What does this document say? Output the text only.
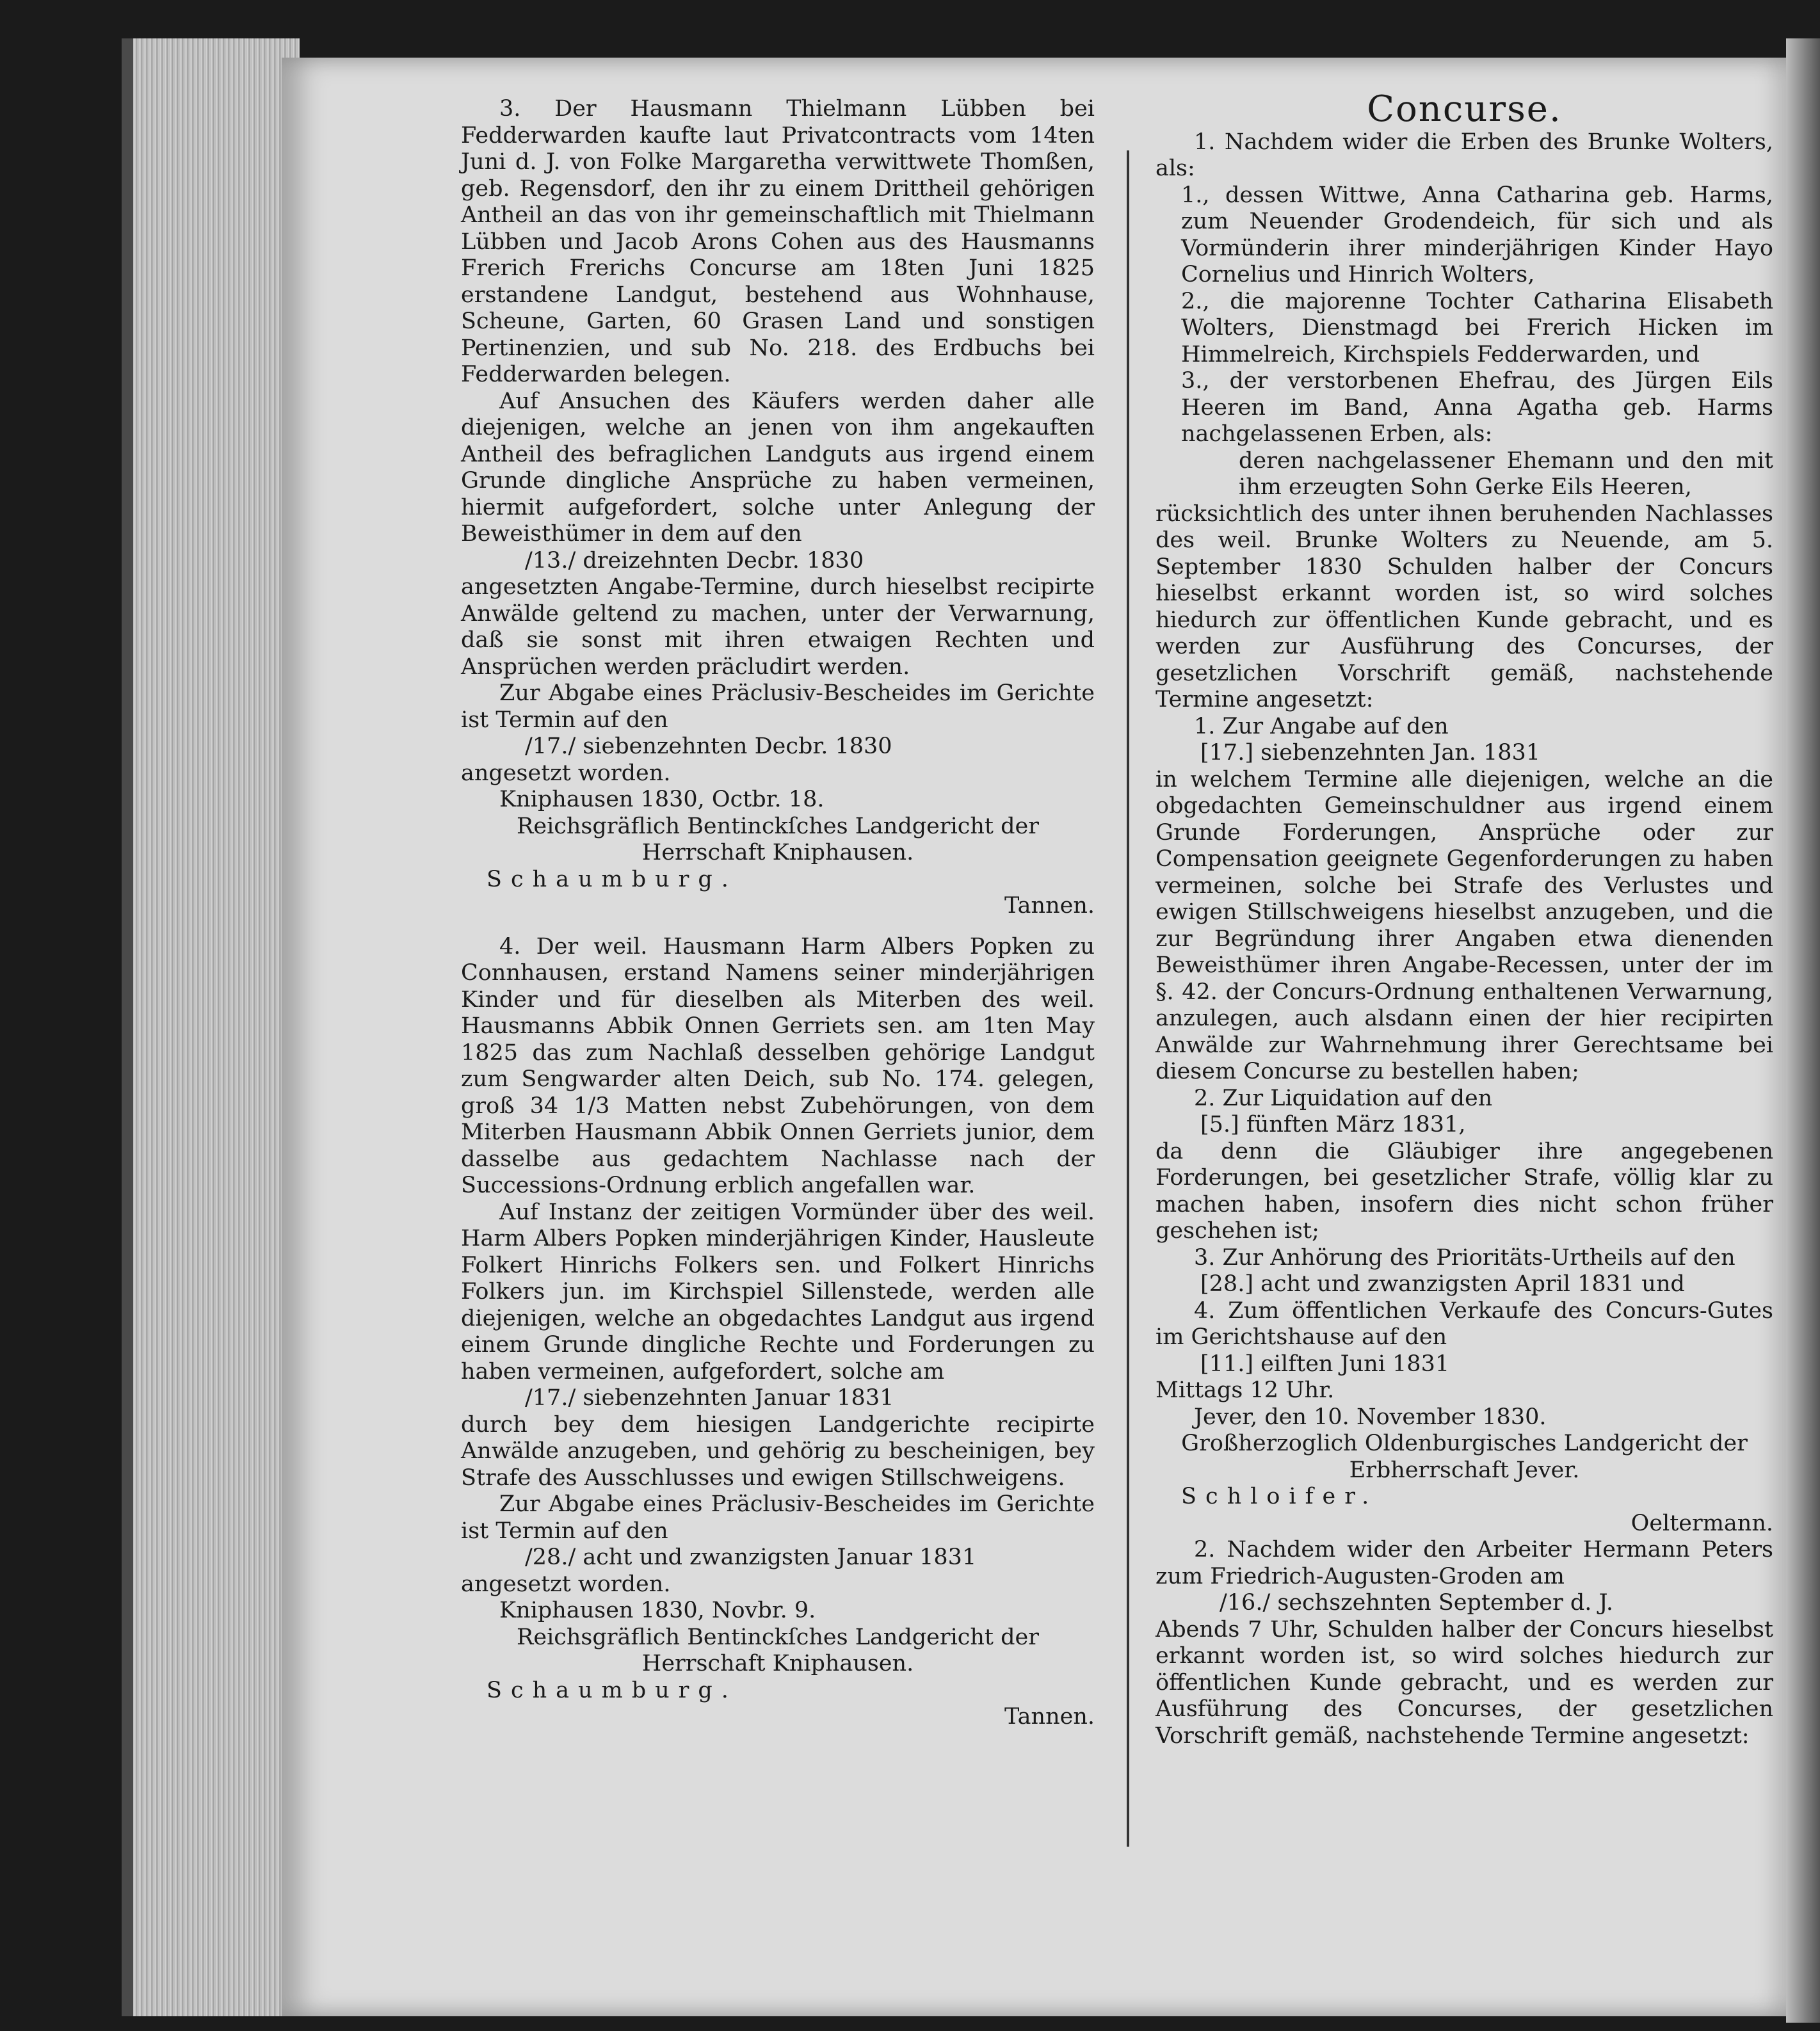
3. Der Hausmann Thielmann Lübben bei Fedderwarden kaufte laut Privatcontracts vom 14ten Juni d. J. von Folke Margaretha verwittwete Thomßen, geb. Regensdorf, den ihr zu einem Drittheil gehörigen Antheil an das von ihr gemeinschaftlich mit Thielmann Lübben und Jacob Arons Cohen aus des Hausmanns Frerich Frerichs Concurse am 18ten Juni 1825 erstandene Landgut, bestehend aus Wohnhause, Scheune, Garten, 60 Grasen Land und sonstigen Pertinenzien, und sub No. 218. des Erdbuchs bei Fedderwarden belegen.

Auf Ansuchen des Käufers werden daher alle diejenigen, welche an jenen von ihm angekauften Antheil des befraglichen Landguts aus irgend einem Grunde dingliche Ansprüche zu haben vermeinen, hiermit aufgefordert, solche unter Anlegung der Beweisthümer in dem auf den

/13./ dreizehnten Decbr. 1830

angesetzten Angabe-Termine, durch hieselbst recipirte Anwälde geltend zu machen, unter der Verwarnung, daß sie sonst mit ihren etwaigen Rechten und Ansprüchen werden präcludirt werden.

Zur Abgabe eines Präclusiv-Bescheides im Gerichte ist Termin auf den

/17./ siebenzehnten Decbr. 1830

angesetzt worden.

Kniphausen 1830, Octbr. 18.

Reichsgräflich Bentinckſches Landgericht der Herrschaft Kniphausen.

Schaumburg.

Tannen.

4. Der weil. Hausmann Harm Albers Popken zu Connhausen, erstand Namens seiner minderjährigen Kinder und für dieselben als Miterben des weil. Hausmanns Abbik Onnen Gerriets sen. am 1ten May 1825 das zum Nachlaß desselben gehörige Landgut zum Sengwarder alten Deich, sub No. 174. gelegen, groß 34 1/3 Matten nebst Zubehörungen, von dem Miterben Hausmann Abbik Onnen Gerriets junior, dem dasselbe aus gedachtem Nachlasse nach der Successions-Ordnung erblich angefallen war.

Auf Instanz der zeitigen Vormünder über des weil. Harm Albers Popken minderjährigen Kinder, Hausleute Folkert Hinrichs Folkers sen. und Folkert Hinrichs Folkers jun. im Kirchspiel Sillenstede, werden alle diejenigen, welche an obgedachtes Landgut aus irgend einem Grunde dingliche Rechte und Forderungen zu haben vermeinen, aufgefordert, solche am

/17./ siebenzehnten Januar 1831

durch bey dem hiesigen Landgerichte recipirte Anwälde anzugeben, und gehörig zu bescheinigen, bey Strafe des Ausschlusses und ewigen Stillschweigens.

Zur Abgabe eines Präclusiv-Bescheides im Gerichte ist Termin auf den

/28./ acht und zwanzigsten Januar 1831

angesetzt worden.

Kniphausen 1830, Novbr. 9.

Reichsgräflich Bentinckſches Landgericht der Herrschaft Kniphausen.

Schaumburg.

Tannen.

Concurse.

1. Nachdem wider die Erben des Brunke Wolters, als:

1., dessen Wittwe, Anna Catharina geb. Harms, zum Neuender Grodendeich, für sich und als Vormünderin ihrer minderjährigen Kinder Hayo Cornelius und Hinrich Wolters,

2., die majorenne Tochter Catharina Elisabeth Wolters, Dienstmagd bei Frerich Hicken im Himmelreich, Kirchspiels Fedderwarden, und

3., der verstorbenen Ehefrau, des Jürgen Eils Heeren im Band, Anna Agatha geb. Harms nachgelassenen Erben, als:

deren nachgelassener Ehemann und den mit ihm erzeugten Sohn Gerke Eils Heeren,

rücksichtlich des unter ihnen beruhenden Nachlasses des weil. Brunke Wolters zu Neuende, am 5. September 1830 Schulden halber der Concurs hieselbst erkannt worden ist, so wird solches hiedurch zur öffentlichen Kunde gebracht, und es werden zur Ausführung des Concurses, der gesetzlichen Vorschrift gemäß, nachstehende Termine angesetzt:

1. Zur Angabe auf den

[17.] siebenzehnten Jan. 1831

in welchem Termine alle diejenigen, welche an die obgedachten Gemeinschuldner aus irgend einem Grunde Forderungen, Ansprüche oder zur Compensation geeignete Gegenforderungen zu haben vermeinen, solche bei Strafe des Verlustes und ewigen Stillschweigens hieselbst anzugeben, und die zur Begründung ihrer Angaben etwa dienenden Beweisthümer ihren Angabe-Recessen, unter der im §. 42. der Concurs-Ordnung enthaltenen Verwarnung, anzulegen, auch alsdann einen der hier recipirten Anwälde zur Wahrnehmung ihrer Gerechtsame bei diesem Concurse zu bestellen haben;

2. Zur Liquidation auf den

[5.] fünften März 1831,

da denn die Gläubiger ihre angegebenen Forderungen, bei gesetzlicher Strafe, völlig klar zu machen haben, insofern dies nicht schon früher geschehen ist;

3. Zur Anhörung des Prioritäts-Urtheils auf den

[28.] acht und zwanzigsten April 1831 und

4. Zum öffentlichen Verkaufe des Concurs-Gutes im Gerichtshause auf den

[11.] eilften Juni 1831

Mittags 12 Uhr.

Jever, den 10. November 1830.

Großherzoglich Oldenburgisches Landgericht der Erbherrschaft Jever.

Schloifer.

Oeltermann.

2. Nachdem wider den Arbeiter Hermann Peters zum Friedrich-Augusten-Groden am

/16./ sechszehnten September d. J.

Abends 7 Uhr, Schulden halber der Concurs hieselbst erkannt worden ist, so wird solches hiedurch zur öffentlichen Kunde gebracht, und es werden zur Ausführung des Concurses, der gesetzlichen Vorschrift gemäß, nachstehende Termine angesetzt:
